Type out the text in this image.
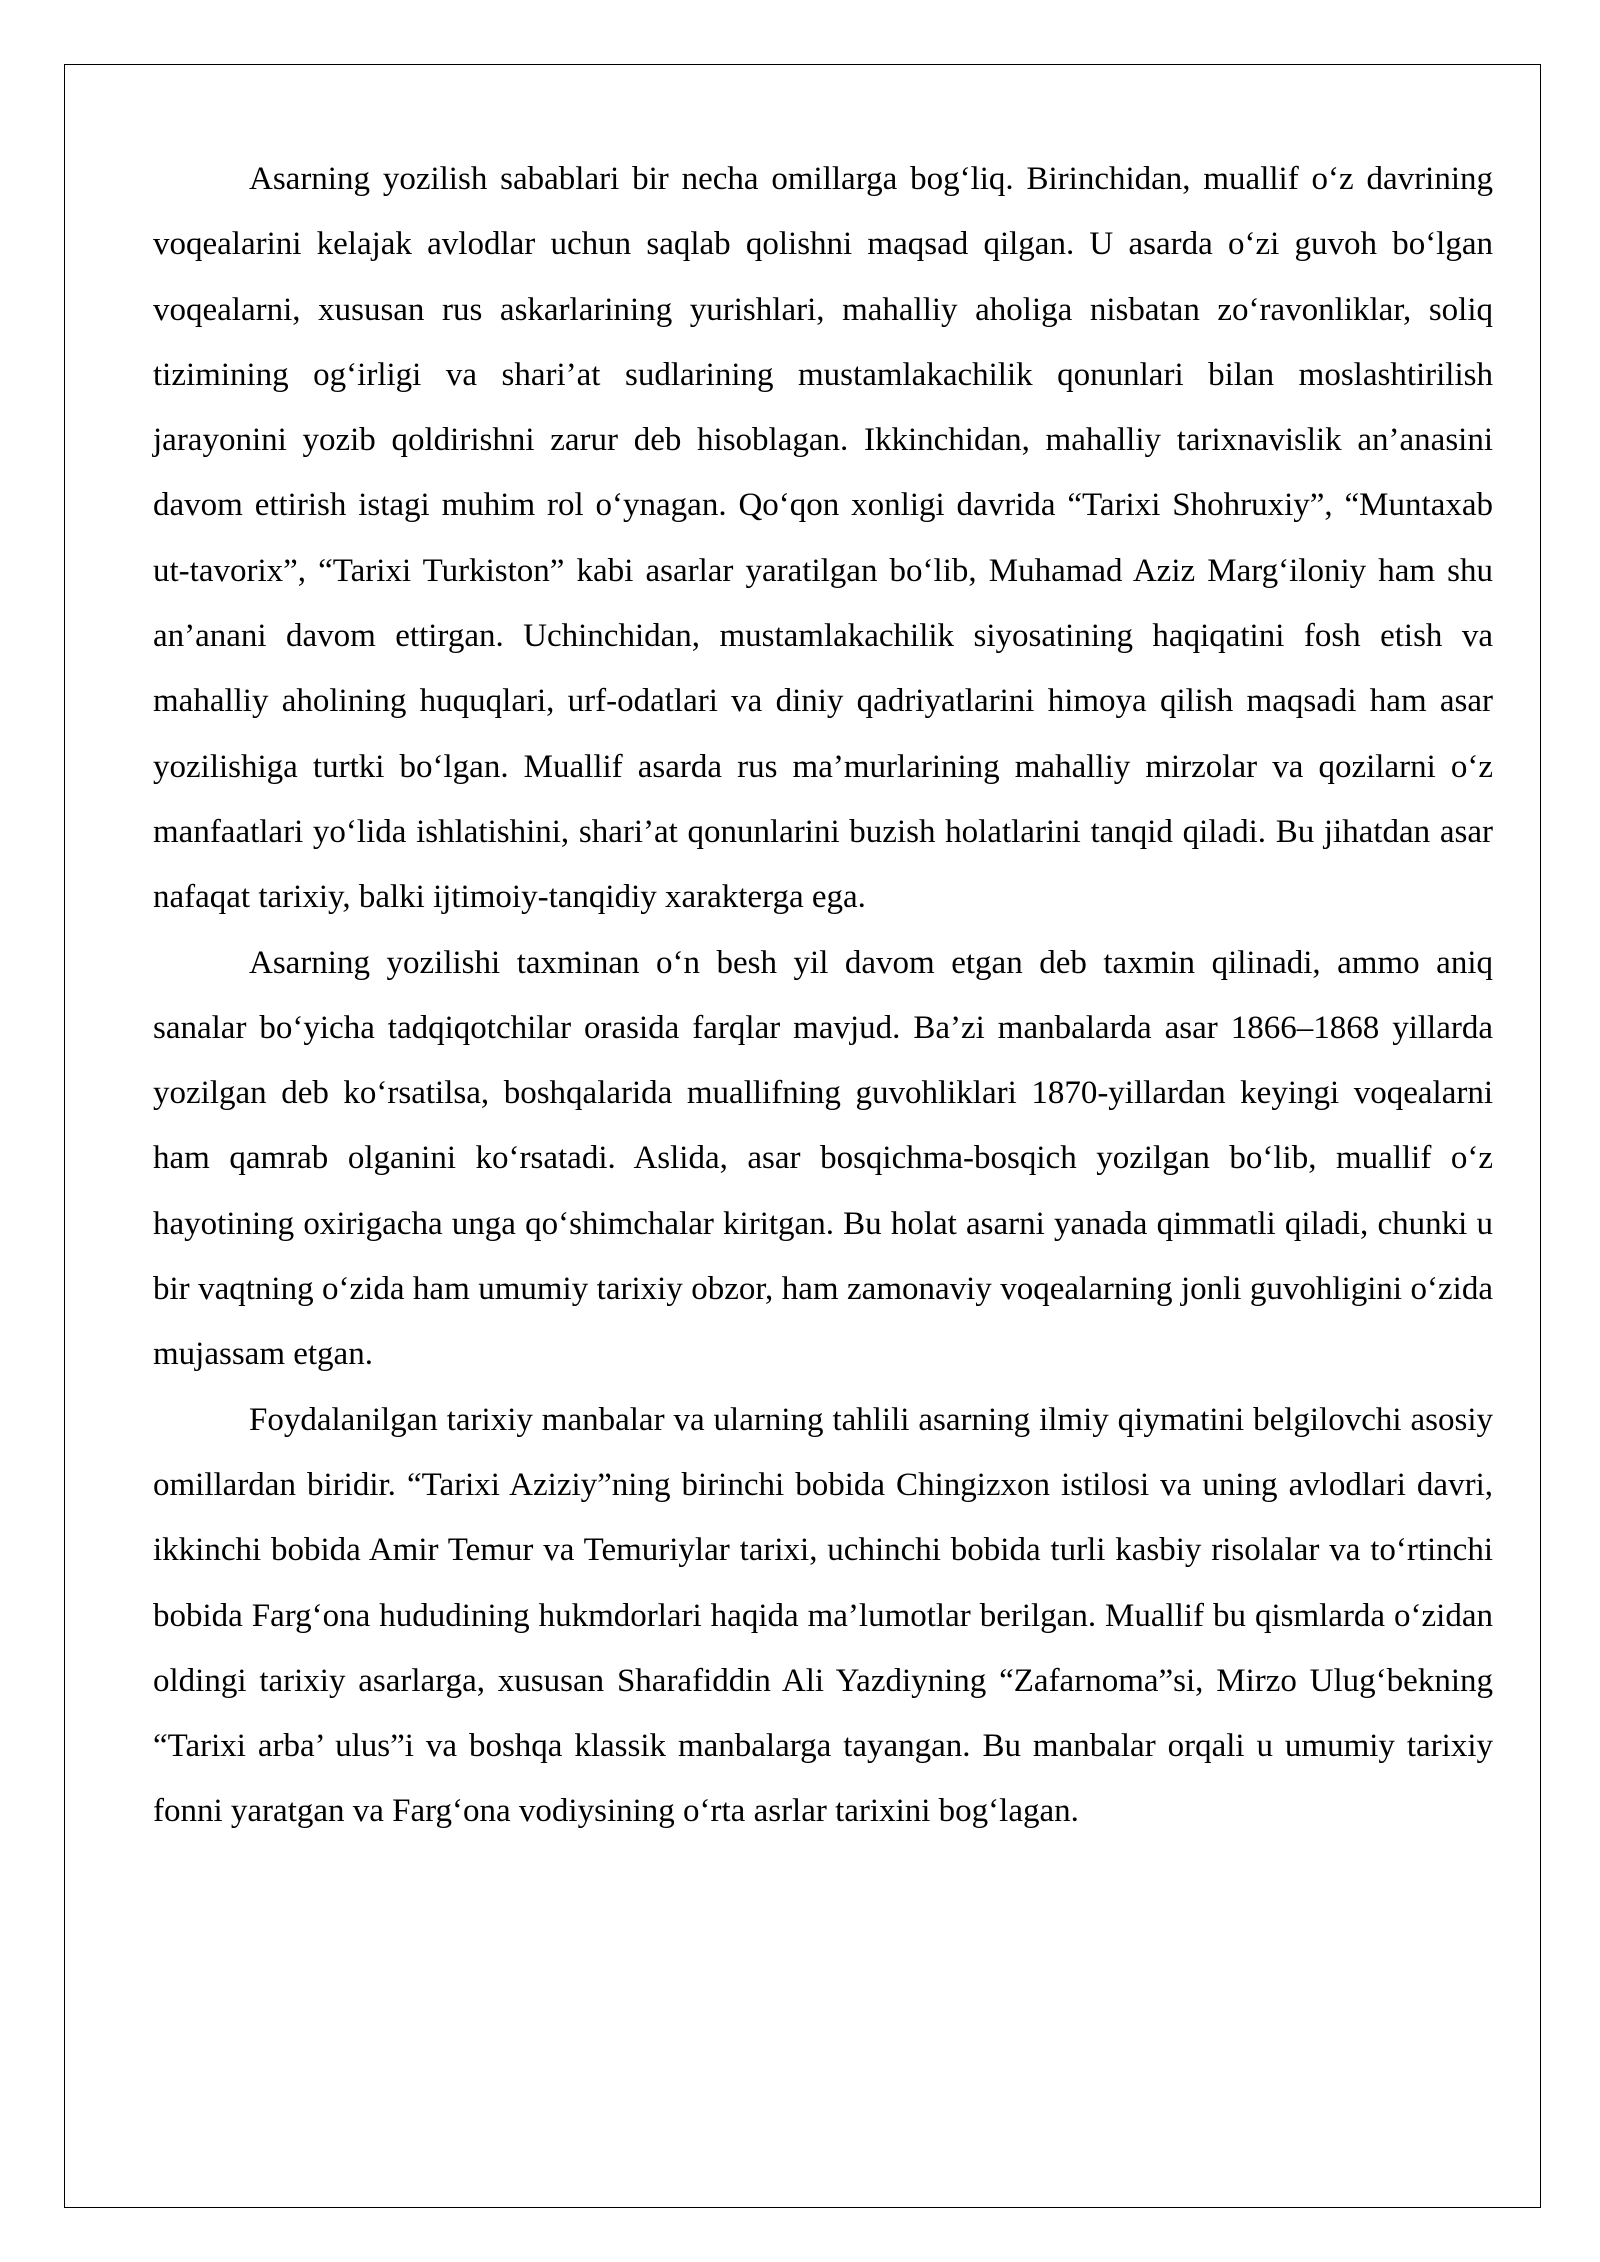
Asarning yozilish sabablari bir necha omillarga bog‘liq. Birinchidan, muallif o‘z davrining voqealarini kelajak avlodlar uchun saqlab qolishni maqsad qilgan. U asarda o‘zi guvoh bo‘lgan voqealarni, xususan rus askarlarining yurishlari, mahalliy aholiga nisbatan zo‘ravonliklar, soliq tizimining og‘irligi va shari’at sudlarining mustamlakachilik qonunlari bilan moslashtirilish jarayonini yozib qoldirishni zarur deb hisoblagan. Ikkinchidan, mahalliy tarixnavislik an’anasini davom ettirish istagi muhim rol o‘ynagan. Qo‘qon xonligi davrida “Tarixi Shohruxiy”, “Muntaxab ut-tavorix”, “Tarixi Turkiston” kabi asarlar yaratilgan bo‘lib, Muhamad Aziz Marg‘iloniy ham shu an’anani davom ettirgan. Uchinchidan, mustamlakachilik siyosatining haqiqatini fosh etish va mahalliy aholining huquqlari, urf-odatlari va diniy qadriyatlarini himoya qilish maqsadi ham asar yozilishiga turtki bo‘lgan. Muallif asarda rus ma’murlarining mahalliy mirzolar va qozilarni o‘z manfaatlari yo‘lida ishlatishini, shari’at qonunlarini buzish holatlarini tanqid qiladi. Bu jihatdan asar nafaqat tarixiy, balki ijtimoiy-tanqidiy xarakterga ega.

Asarning yozilishi taxminan o‘n besh yil davom etgan deb taxmin qilinadi, ammo aniq sanalar bo‘yicha tadqiqotchilar orasida farqlar mavjud. Ba’zi manbalarda asar 1866–1868 yillarda yozilgan deb ko‘rsatilsa, boshqalarida muallifning guvohliklari 1870-yillardan keyingi voqealarni ham qamrab olganini ko‘rsatadi. Aslida, asar bosqichma-bosqich yozilgan bo‘lib, muallif o‘z hayotining oxirigacha unga qo‘shimchalar kiritgan. Bu holat asarni yanada qimmatli qiladi, chunki u bir vaqtning o‘zida ham umumiy tarixiy obzor, ham zamonaviy voqealarning jonli guvohligini o‘zida mujassam etgan.

Foydalanilgan tarixiy manbalar va ularning tahlili asarning ilmiy qiymatini belgilovchi asosiy omillardan biridir. “Tarixi Aziziy”ning birinchi bobida Chingizxon istilosi va uning avlodlari davri, ikkinchi bobida Amir Temur va Temuriylar tarixi, uchinchi bobida turli kasbiy risolalar va to‘rtinchi bobida Farg‘ona hududining hukmdorlari haqida ma’lumotlar berilgan. Muallif bu qismlarda o‘zidan oldingi tarixiy asarlarga, xususan Sharafiddin Ali Yazdiyning “Zafarnoma”si, Mirzo Ulug‘bekning “Tarixi arba’ ulus”i va boshqa klassik manbalarga tayangan. Bu manbalar orqali u umumiy tarixiy fonni yaratgan va Farg‘ona vodiysining o‘rta asrlar tarixini bog‘lagan.
